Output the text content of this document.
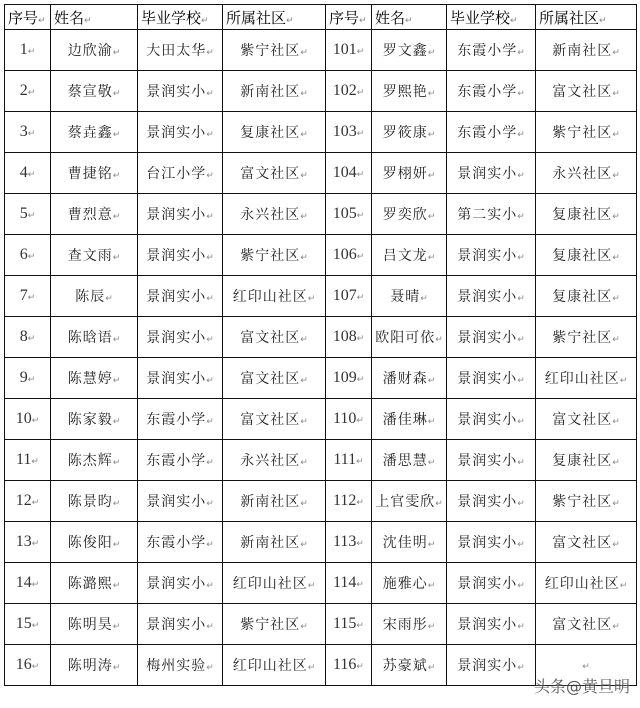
序号 ↵	姓名 ↵	毕业学校 ↵	所属社区 ↵	序号 ↵	姓名 ↵	毕业学校 ↵	所属社区 ↵
1 ↵	边欣渝 ↵	大田太华 ↵	紫宁社区 ↵	101 ↵	罗文鑫 ↵	东霞小学 ↵	新南社区 ↵
2 ↵	蔡宣敬 ↵	景润实小 ↵	新南社区 ↵	102 ↵	罗熙艳 ↵	东霞小学 ↵	富文社区 ↵
3 ↵	蔡垚鑫 ↵	景润实小 ↵	复康社区 ↵	103 ↵	罗筱康 ↵	东霞小学 ↵	紫宁社区 ↵
4 ↵	曹捷铭 ↵	台江小学 ↵	富文社区 ↵	104 ↵	罗栩妍 ↵	景润实小 ↵	永兴社区 ↵
5 ↵	曹烈意 ↵	景润实小 ↵	永兴社区 ↵	105 ↵	罗奕欣 ↵	第二实小 ↵	复康社区 ↵
6 ↵	查文雨 ↵	景润实小 ↵	紫宁社区 ↵	106 ↵	吕文龙 ↵	景润实小 ↵	复康社区 ↵
7 ↵	陈辰 ↵	景润实小 ↵	红印山社区 ↵	107 ↵	聂晴 ↵	景润实小 ↵	复康社区 ↵
8 ↵	陈晗语 ↵	景润实小 ↵	富文社区 ↵	108 ↵	欧阳可依 ↵	景润实小 ↵	紫宁社区 ↵
9 ↵	陈慧婷 ↵	景润实小 ↵	富文社区 ↵	109 ↵	潘财森 ↵	景润实小 ↵	红印山社区 ↵
10 ↵	陈家毅 ↵	东霞小学 ↵	富文社区 ↵	110 ↵	潘佳琳 ↵	景润实小 ↵	富文社区 ↵
11 ↵	陈杰辉 ↵	东霞小学 ↵	永兴社区 ↵	111 ↵	潘思慧 ↵	景润实小 ↵	复康社区 ↵
12 ↵	陈景昀 ↵	景润实小 ↵	新南社区 ↵	112 ↵	上官雯欣 ↵	景润实小 ↵	紫宁社区 ↵
13 ↵	陈俊阳 ↵	东霞小学 ↵	新南社区 ↵	113 ↵	沈佳明 ↵	景润实小 ↵	富文社区 ↵
14 ↵	陈潞熙 ↵	景润实小 ↵	红印山社区 ↵	114 ↵	施雅心 ↵	景润实小 ↵	红印山社区 ↵
15 ↵	陈明昊 ↵	景润实小 ↵	紫宁社区 ↵	115 ↵	宋雨彤 ↵	景润实小 ↵	富文社区 ↵
16 ↵	陈明涛 ↵	梅州实验 ↵	红印山社区 ↵	116 ↵	苏豪斌 ↵	景润实小 ↵	↵
头条@黄旦明
